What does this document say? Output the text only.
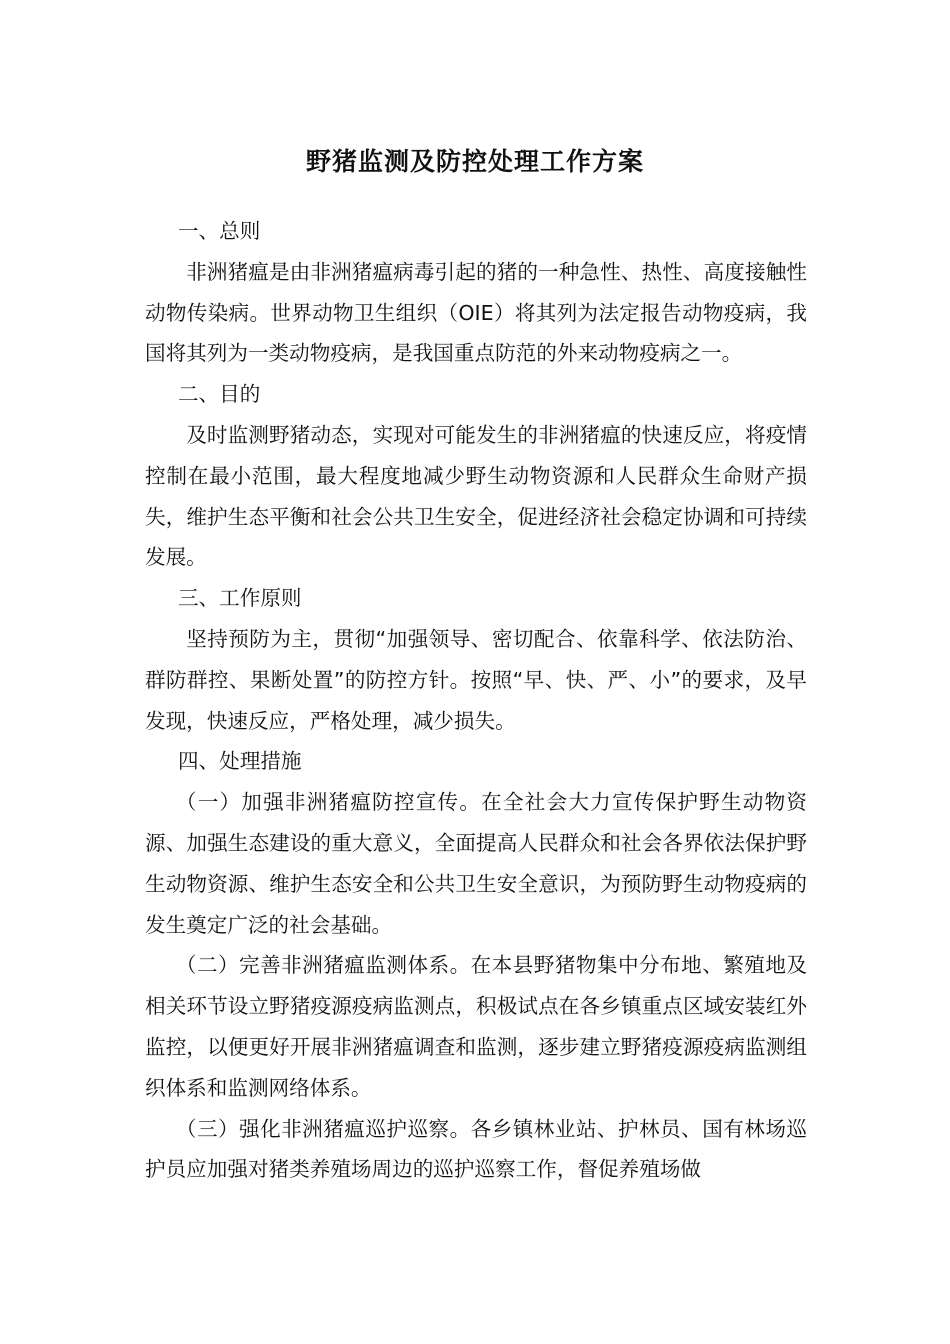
野猪监测及防控处理工作方案

一、总则

非洲猪瘟是由非洲猪瘟病毒引起的猪的一种急性、热性、高度接触性动物传染病。世界动物卫生组织（OIE）将其列为法定报告动物疫病，我国将其列为一类动物疫病，是我国重点防范的外来动物疫病之一。

二、目的

及时监测野猪动态，实现对可能发生的非洲猪瘟的快速反应，将疫情控制在最小范围，最大程度地减少野生动物资源和人民群众生命财产损失，维护生态平衡和社会公共卫生安全，促进经济社会稳定协调和可持续发展。

三、工作原则

坚持预防为主，贯彻“加强领导、密切配合、依靠科学、依法防治、群防群控、果断处置”的防控方针。按照“早、快、严、小”的要求，及早发现，快速反应，严格处理，减少损失。

四、处理措施

（一）加强非洲猪瘟防控宣传。在全社会大力宣传保护野生动物资源、加强生态建设的重大意义，全面提高人民群众和社会各界依法保护野生动物资源、维护生态安全和公共卫生安全意识，为预防野生动物疫病的发生奠定广泛的社会基础。

（二）完善非洲猪瘟监测体系。在本县野猪物集中分布地、繁殖地及相关环节设立野猪疫源疫病监测点，积极试点在各乡镇重点区域安装红外监控，以便更好开展非洲猪瘟调查和监测，逐步建立野猪疫源疫病监测组织体系和监测网络体系。

（三）强化非洲猪瘟巡护巡察。各乡镇林业站、护林员、国有林场巡护员应加强对猪类养殖场周边的巡护巡察工作，督促养殖场做
